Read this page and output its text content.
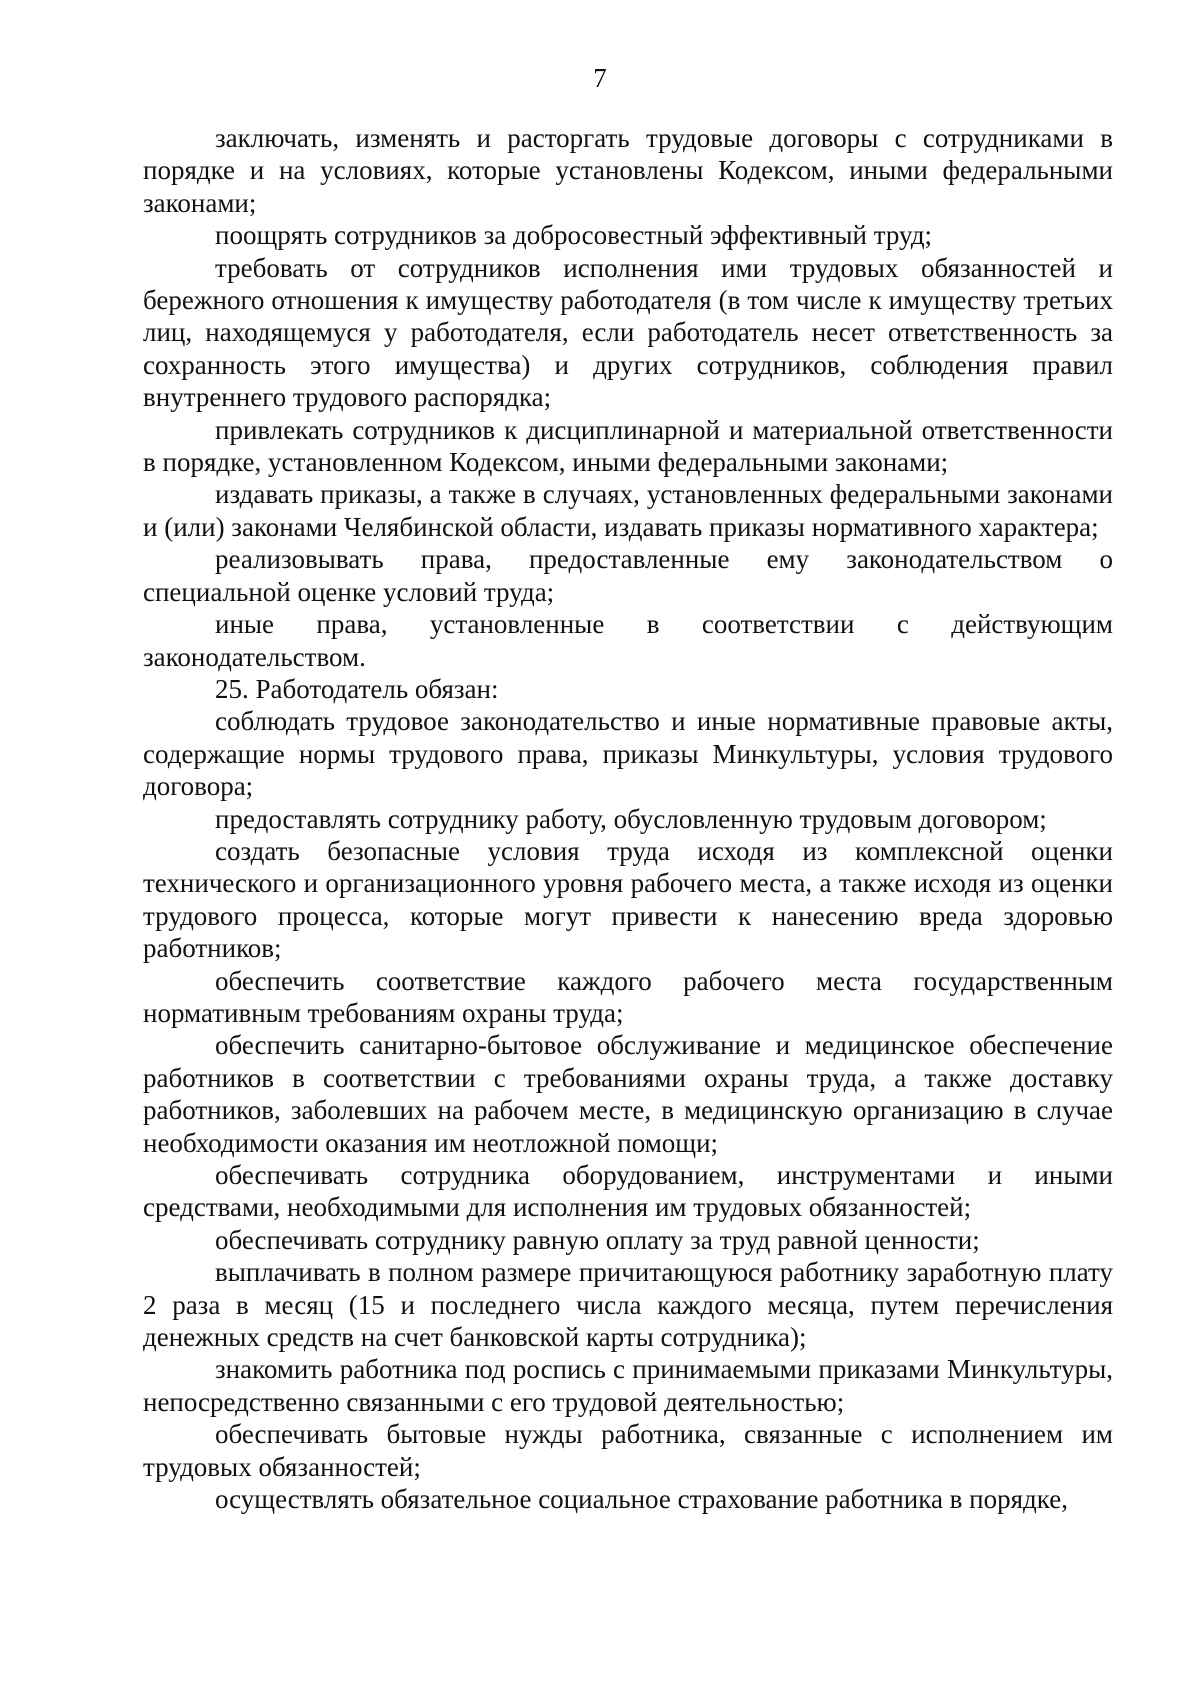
7

заключать, изменять и расторгать трудовые договоры с сотрудниками в порядке и на условиях, которые установлены Кодексом, иными федеральными законами;

поощрять сотрудников за добросовестный эффективный труд;

требовать от сотрудников исполнения ими трудовых обязанностей и бережного отношения к имуществу работодателя (в том числе к имуществу третьих лиц, находящемуся у работодателя, если работодатель несет ответственность за сохранность этого имущества) и других сотрудников, соблюдения правил внутреннего трудового распорядка;

привлекать сотрудников к дисциплинарной и материальной ответственности в порядке, установленном Кодексом, иными федеральными законами;

издавать приказы, а также в случаях, установленных федеральными законами и (или) законами Челябинской области, издавать приказы нормативного характера;

реализовывать права, предоставленные ему законодательством о специальной оценке условий труда;

иные права, установленные в соответствии с действующим законодательством.

25. Работодатель обязан:

соблюдать трудовое законодательство и иные нормативные правовые акты, содержащие нормы трудового права, приказы Минкультуры, условия трудового договора;

предоставлять сотруднику работу, обусловленную трудовым договором;

создать безопасные условия труда исходя из комплексной оценки технического и организационного уровня рабочего места, а также исходя из оценки трудового процесса, которые могут привести к нанесению вреда здоровью работников;

обеспечить соответствие каждого рабочего места государственным нормативным требованиям охраны труда;

обеспечить санитарно-бытовое обслуживание и медицинское обеспечение работников в соответствии с требованиями охраны труда, а также доставку работников, заболевших на рабочем месте, в медицинскую организацию в случае необходимости оказания им неотложной помощи;

обеспечивать сотрудника оборудованием, инструментами и иными средствами, необходимыми для исполнения им трудовых обязанностей;

обеспечивать сотруднику равную оплату за труд равной ценности;

выплачивать в полном размере причитающуюся работнику заработную плату 2 раза в месяц (15 и последнего числа каждого месяца, путем перечисления денежных средств на счет банковской карты сотрудника);

знакомить работника под роспись с принимаемыми приказами Минкультуры, непосредственно связанными с его трудовой деятельностью;

обеспечивать бытовые нужды работника, связанные с исполнением им трудовых обязанностей;

осуществлять обязательное социальное страхование работника в порядке,
